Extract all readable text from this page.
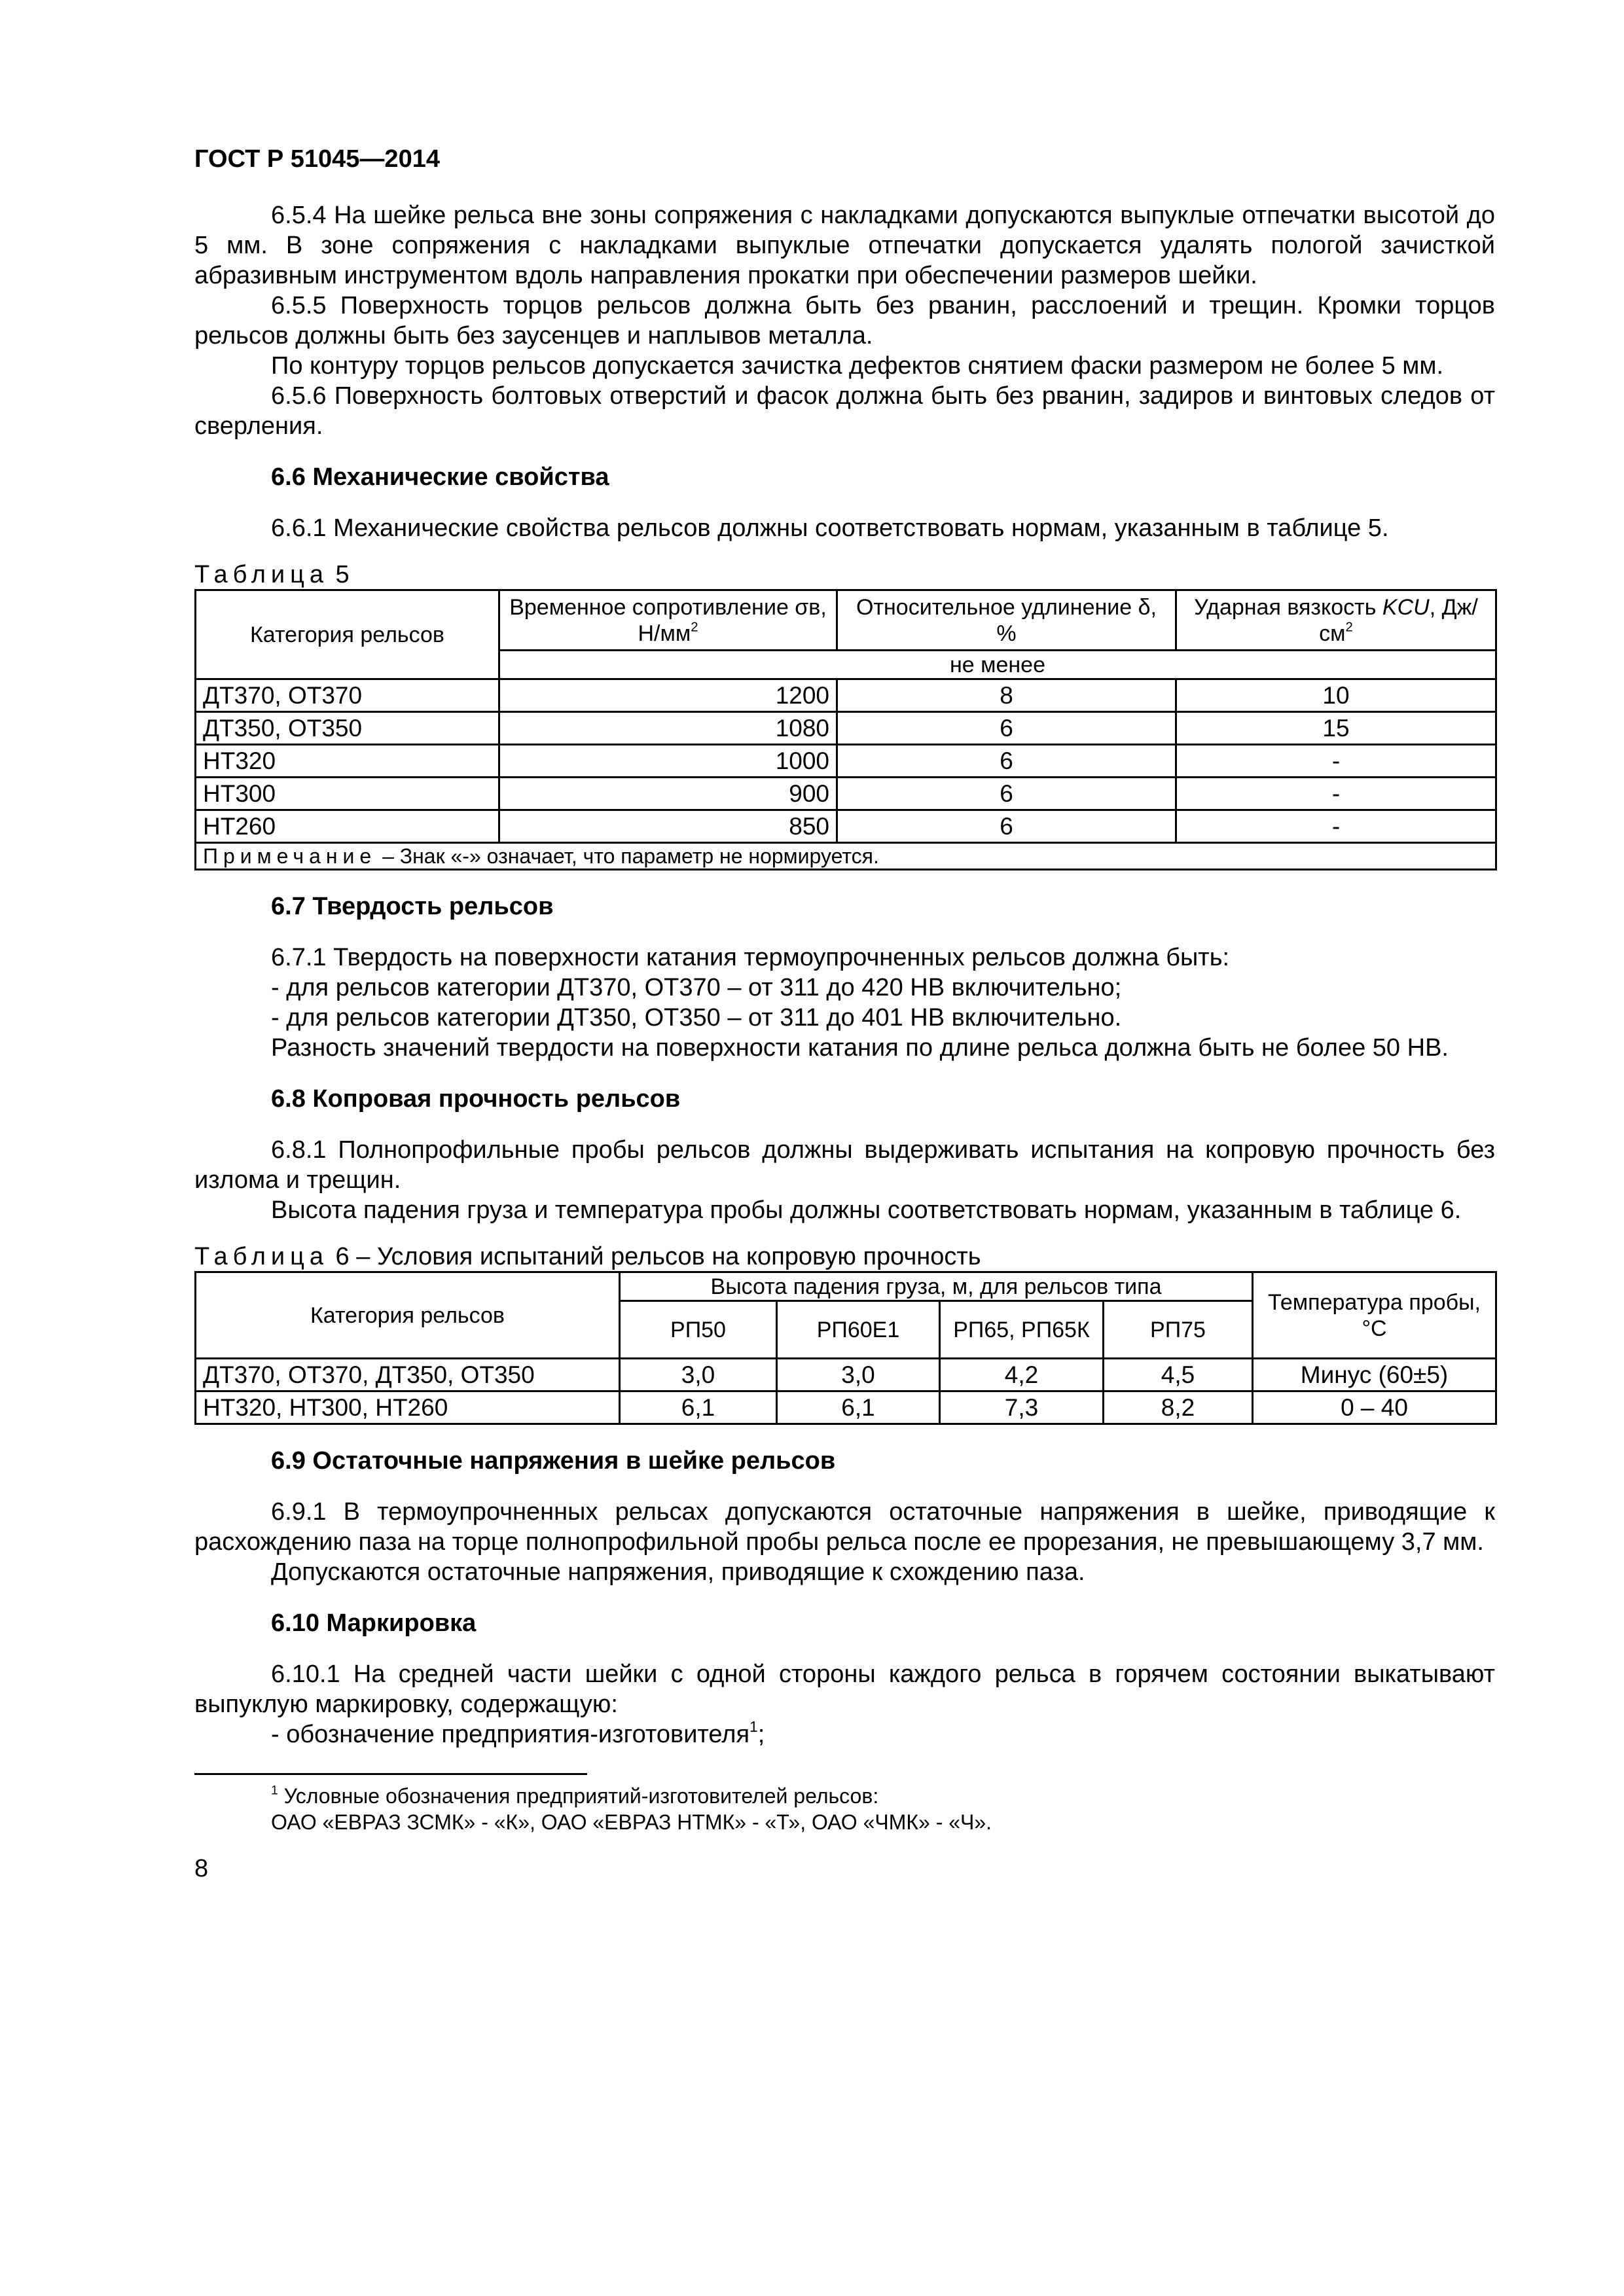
ГОСТ Р 51045—2014

6.5.4 На шейке рельса вне зоны сопряжения с накладками допускаются выпуклые отпечатки высотой до 5 мм. В зоне сопряжения с накладками выпуклые отпечатки допускается удалять пологой зачисткой абразивным инструментом вдоль направления прокатки при обеспечении размеров шейки.

6.5.5 Поверхность торцов рельсов должна быть без рванин, расслоений и трещин. Кромки торцов рельсов должны быть без заусенцев и наплывов металла.

По контуру торцов рельсов допускается зачистка дефектов снятием фаски размером не более 5 мм.

6.5.6 Поверхность болтовых отверстий и фасок должна быть без рванин, задиров и винтовых следов от сверления.

6.6 Механические свойства

6.6.1 Механические свойства рельсов должны соответствовать нормам, указанным в таблице 5.

Таблица 5
Категория рельсов	Временное сопротивление σв, $Н/мм^2$	Относительное удлинение δ, %	Ударная вязкость KCU, $Дж/см^2$
	не менее		
ДТ370, ОТ370	1200	8	10
ДТ350, ОТ350	1080	6	15
НТ320	1000	6	-
НТ300	900	6	-
НТ260	850	6	-
Примечание – Знак «-» означает, что параметр не нормируется.			
6.7 Твердость рельсов

6.7.1 Твердость на поверхности катания термоупрочненных рельсов должна быть:

- для рельсов категории ДТ370, ОТ370 – от 311 до 420 НВ включительно;

- для рельсов категории ДТ350, ОТ350 – от 311 до 401 НВ включительно.

Разность значений твердости на поверхности катания по длине рельса должна быть не более 50 НВ.

6.8 Копровая прочность рельсов

6.8.1 Полнопрофильные пробы рельсов должны выдерживать испытания на копровую прочность без излома и трещин.

Высота падения груза и температура пробы должны соответствовать нормам, указанным в таблице 6.

Таблица 6 – Условия испытаний рельсов на копровую прочность
Категория рельсов	Высота падения груза, м, для рельсов типа				Температура пробы, °С
	РП50	РП60Е1	РП65, РП65К	РП75	
ДТ370, ОТ370, ДТ350, ОТ350	3,0	3,0	4,2	4,5	Минус (60±5)
НТ320, НТ300, НТ260	6,1	6,1	7,3	8,2	0 – 40
6.9 Остаточные напряжения в шейке рельсов

6.9.1 В термоупрочненных рельсах допускаются остаточные напряжения в шейке, приводящие к расхождению паза на торце полнопрофильной пробы рельса после ее прорезания, не превышающему 3,7 мм.

Допускаются остаточные напряжения, приводящие к схождению паза.

6.10 Маркировка

6.10.1 На средней части шейки с одной стороны каждого рельса в горячем состоянии выкатывают выпуклую маркировку, содержащую:

- обозначение предприятия-изготовителя$^1$;

$^1$ Условные обозначения предприятий-изготовителей рельсов:
ОАО «ЕВРАЗ ЗСМК» - «К», ОАО «ЕВРАЗ НТМК» - «Т», ОАО «ЧМК» - «Ч».
8
